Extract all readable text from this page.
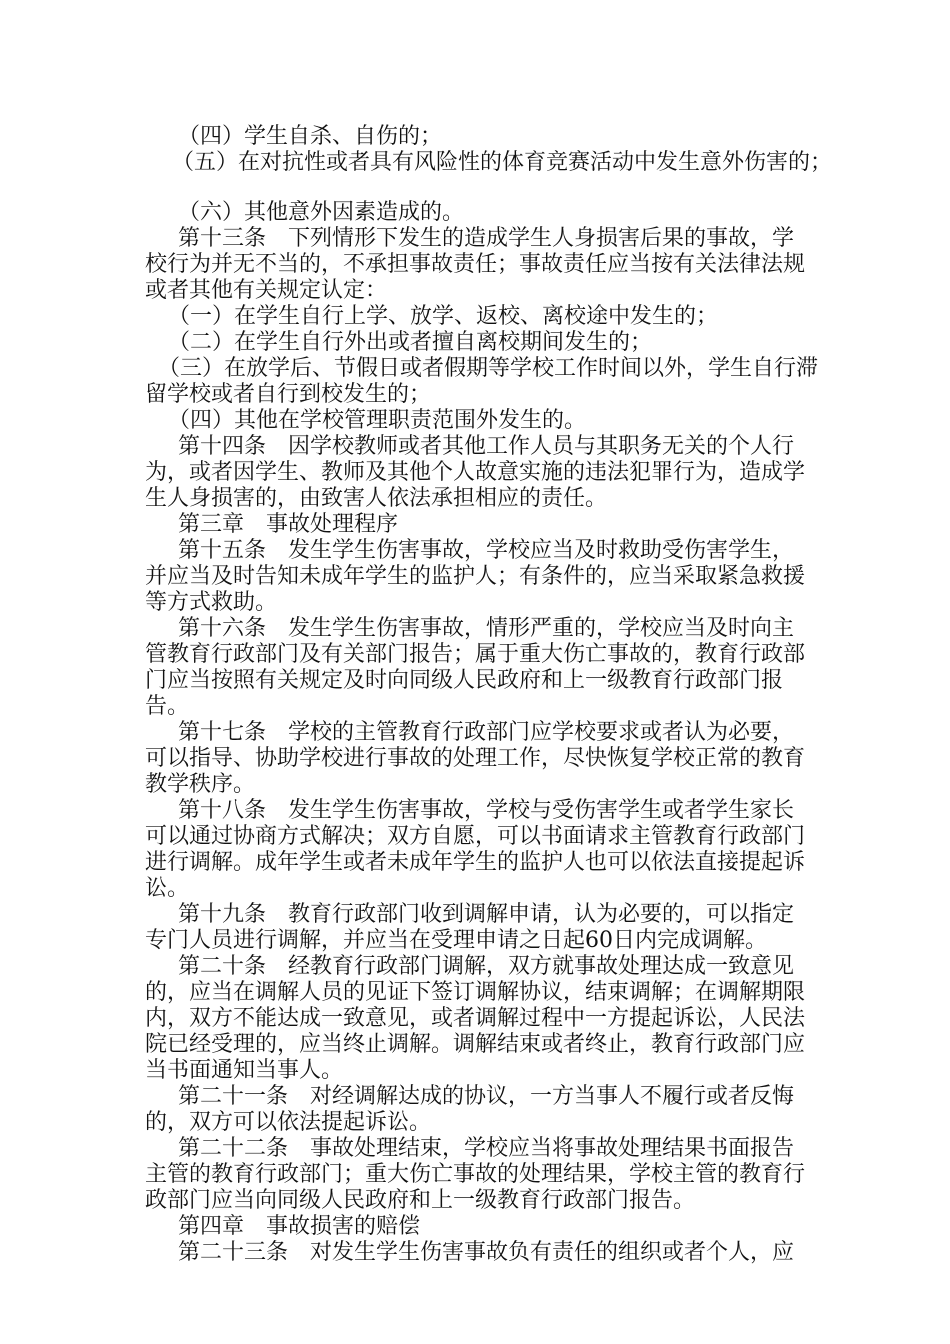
（四）学生自杀、自伤的；
（五）在对抗性或者具有风险性的体育竞赛活动中发生意外伤害的；
（六）其他意外因素造成的。
第十三条　下列情形下发生的造成学生人身损害后果的事故，学
校行为并无不当的，不承担事故责任；事故责任应当按有关法律法规
或者其他有关规定认定：
（一）在学生自行上学、放学、返校、离校途中发生的；
（二）在学生自行外出或者擅自离校期间发生的；
（三）在放学后、节假日或者假期等学校工作时间以外，学生自行滞
留学校或者自行到校发生的；
（四）其他在学校管理职责范围外发生的。
第十四条　因学校教师或者其他工作人员与其职务无关的个人行
为，或者因学生、教师及其他个人故意实施的违法犯罪行为，造成学
生人身损害的，由致害人依法承担相应的责任。
第三章　事故处理程序
第十五条　发生学生伤害事故，学校应当及时救助受伤害学生，
并应当及时告知未成年学生的监护人；有条件的，应当采取紧急救援
等方式救助。
第十六条　发生学生伤害事故，情形严重的，学校应当及时向主
管教育行政部门及有关部门报告；属于重大伤亡事故的，教育行政部
门应当按照有关规定及时向同级人民政府和上一级教育行政部门报
告。
第十七条　学校的主管教育行政部门应学校要求或者认为必要，
可以指导、协助学校进行事故的处理工作，尽快恢复学校正常的教育
教学秩序。
第十八条　发生学生伤害事故，学校与受伤害学生或者学生家长
可以通过协商方式解决；双方自愿，可以书面请求主管教育行政部门
进行调解。成年学生或者未成年学生的监护人也可以依法直接提起诉
讼。
第十九条　教育行政部门收到调解申请，认为必要的，可以指定
专门人员进行调解，并应当在受理申请之日起60日内完成调解。
第二十条　经教育行政部门调解，双方就事故处理达成一致意见
的，应当在调解人员的见证下签订调解协议，结束调解；在调解期限
内，双方不能达成一致意见，或者调解过程中一方提起诉讼，人民法
院已经受理的，应当终止调解。调解结束或者终止，教育行政部门应
当书面通知当事人。
第二十一条　对经调解达成的协议，一方当事人不履行或者反悔
的，双方可以依法提起诉讼。
第二十二条　事故处理结束，学校应当将事故处理结果书面报告
主管的教育行政部门；重大伤亡事故的处理结果，学校主管的教育行
政部门应当向同级人民政府和上一级教育行政部门报告。
第四章　事故损害的赔偿
第二十三条　对发生学生伤害事故负有责任的组织或者个人，应
